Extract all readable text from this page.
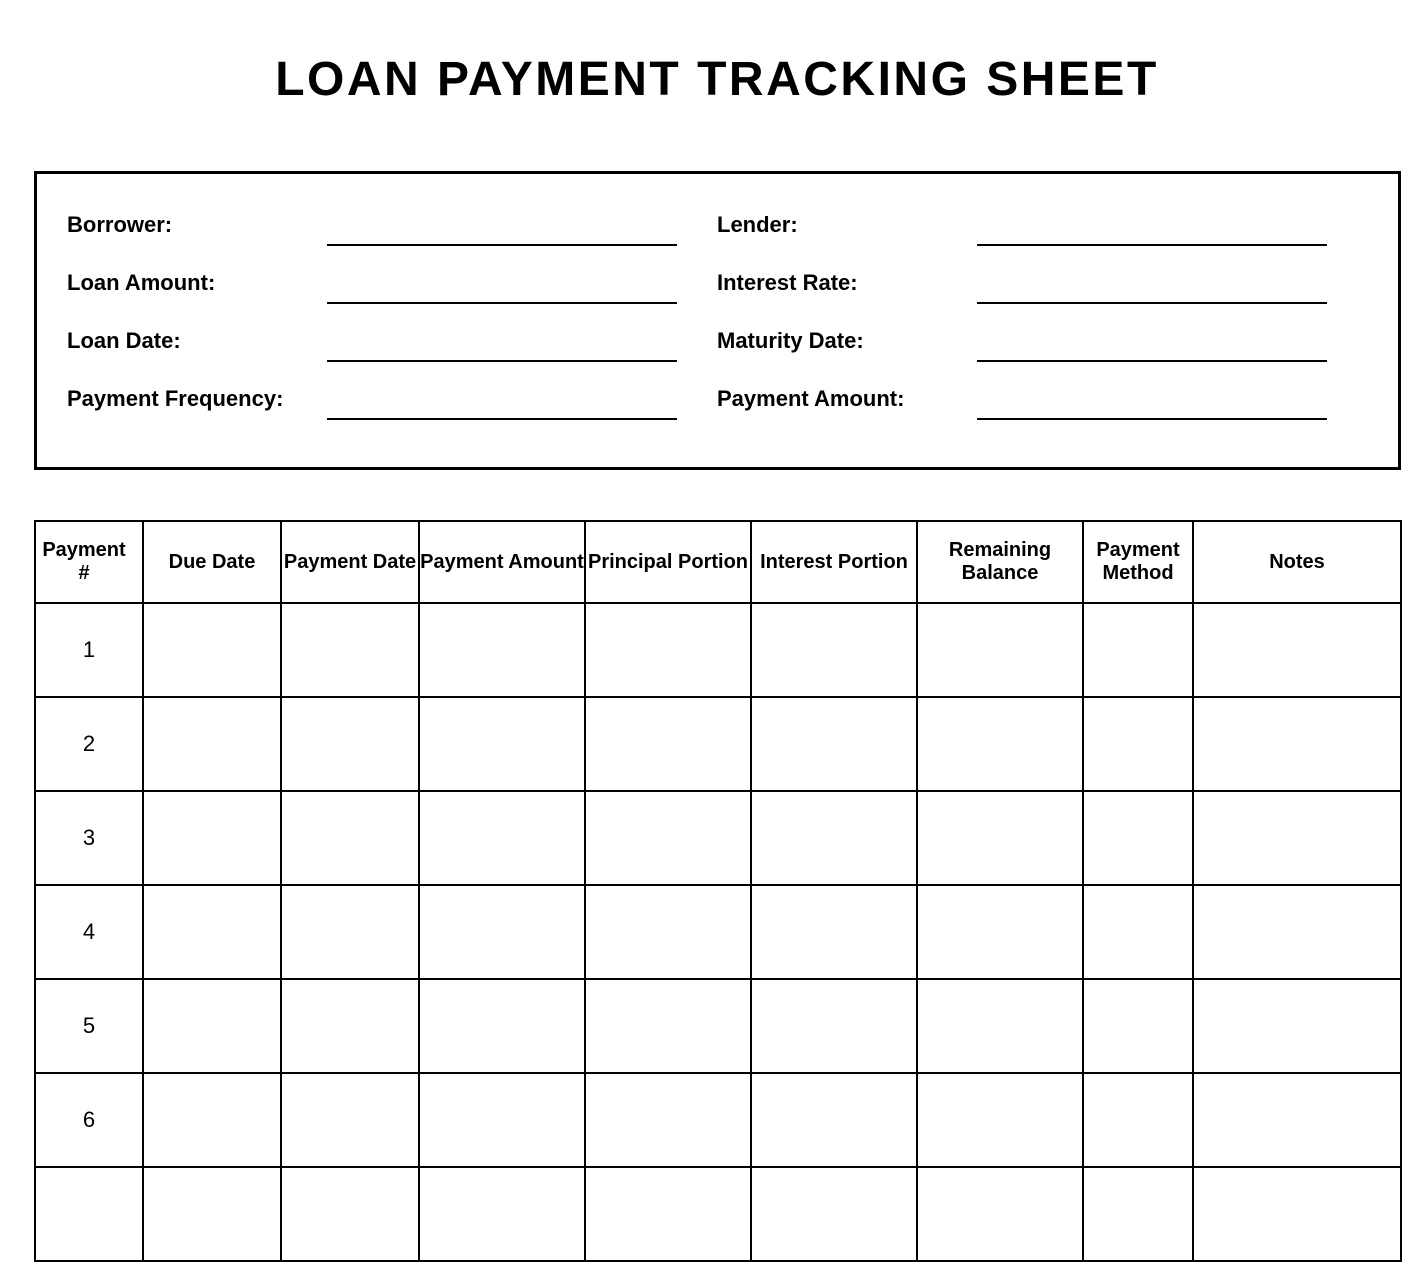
LOAN PAYMENT TRACKING SHEET
Borrower:
Loan Amount:
Loan Date:
Payment Frequency:
Lender:
Interest Rate:
Maturity Date:
Payment Amount:
Payment #	Due Date	Payment Date	Payment Amount	Principal Portion	Interest Portion	Remaining Balance	Payment Method	Notes
1								
2								
3								
4								
5								
6								
